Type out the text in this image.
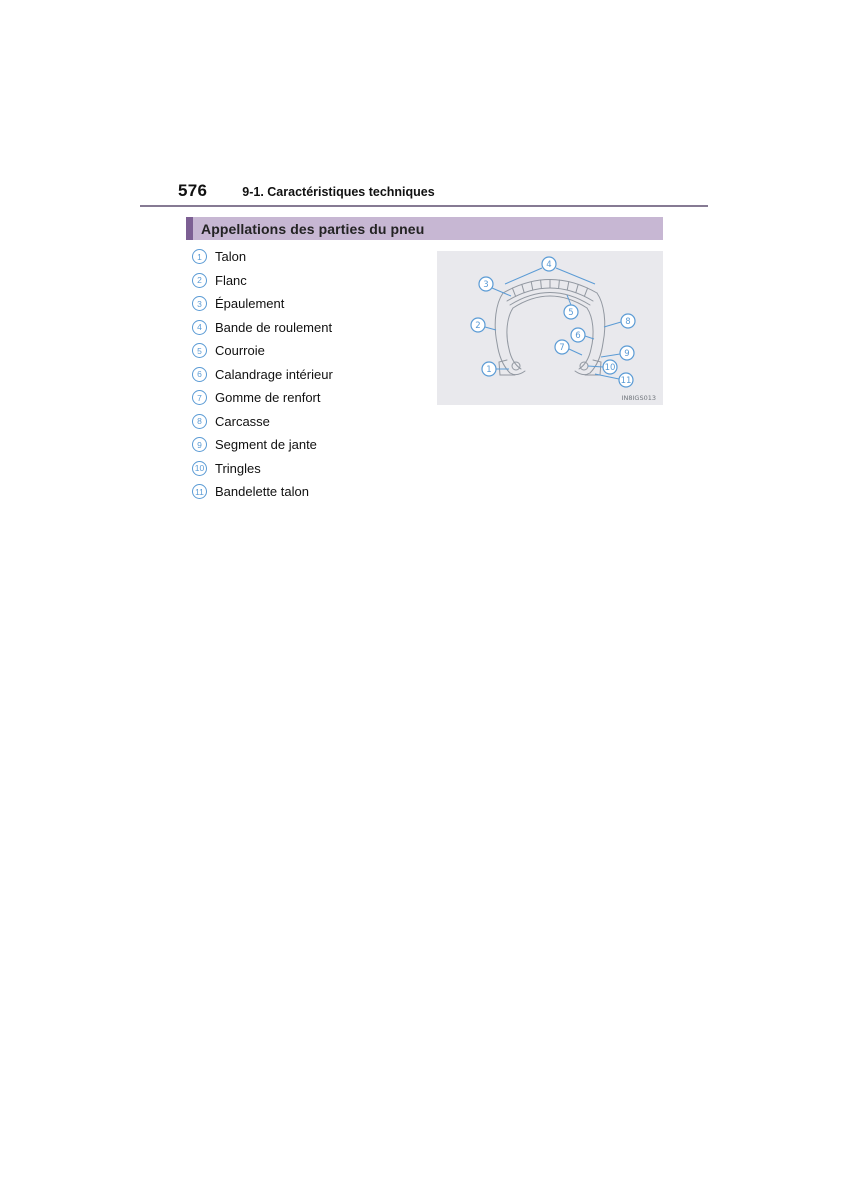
576	9-1. Caractéristiques techniques
Appellations des parties du pneu
1	Talon
2	Flanc
3	Épaulement
4	Bande de roulement
5	Courroie
6	Calandrage intérieur
7	Gomme de renfort
8	Carcasse
9	Segment de jante
10 Tringles
11 Bandelette talon
4
3
5
2	8
6
7
9
10
1
11
IN8IGS013
